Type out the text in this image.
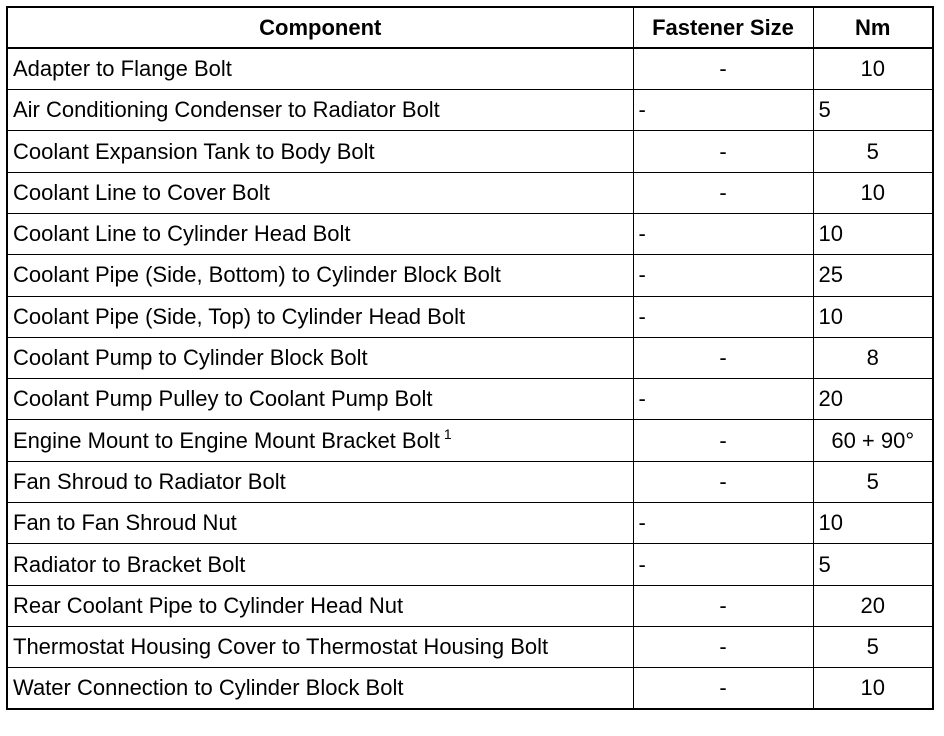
Component	Fastener Size	Nm
Adapter to Flange Bolt	-	10
Air Conditioning Condenser to Radiator Bolt	-	5
Coolant Expansion Tank to Body Bolt	-	5
Coolant Line to Cover Bolt	-	10
Coolant Line to Cylinder Head Bolt	-	10
Coolant Pipe (Side, Bottom) to Cylinder Block Bolt	-	25
Coolant Pipe (Side, Top) to Cylinder Head Bolt	-	10
Coolant Pump to Cylinder Block Bolt	-	8
Coolant Pump Pulley to Coolant Pump Bolt	-	20
Engine Mount to Engine Mount Bracket Bolt $^1$	-	60 + 90°
Fan Shroud to Radiator Bolt	-	5
Fan to Fan Shroud Nut	-	10
Radiator to Bracket Bolt	-	5
Rear Coolant Pipe to Cylinder Head Nut	-	20
Thermostat Housing Cover to Thermostat Housing Bolt	-	5
Water Connection to Cylinder Block Bolt	-	10
